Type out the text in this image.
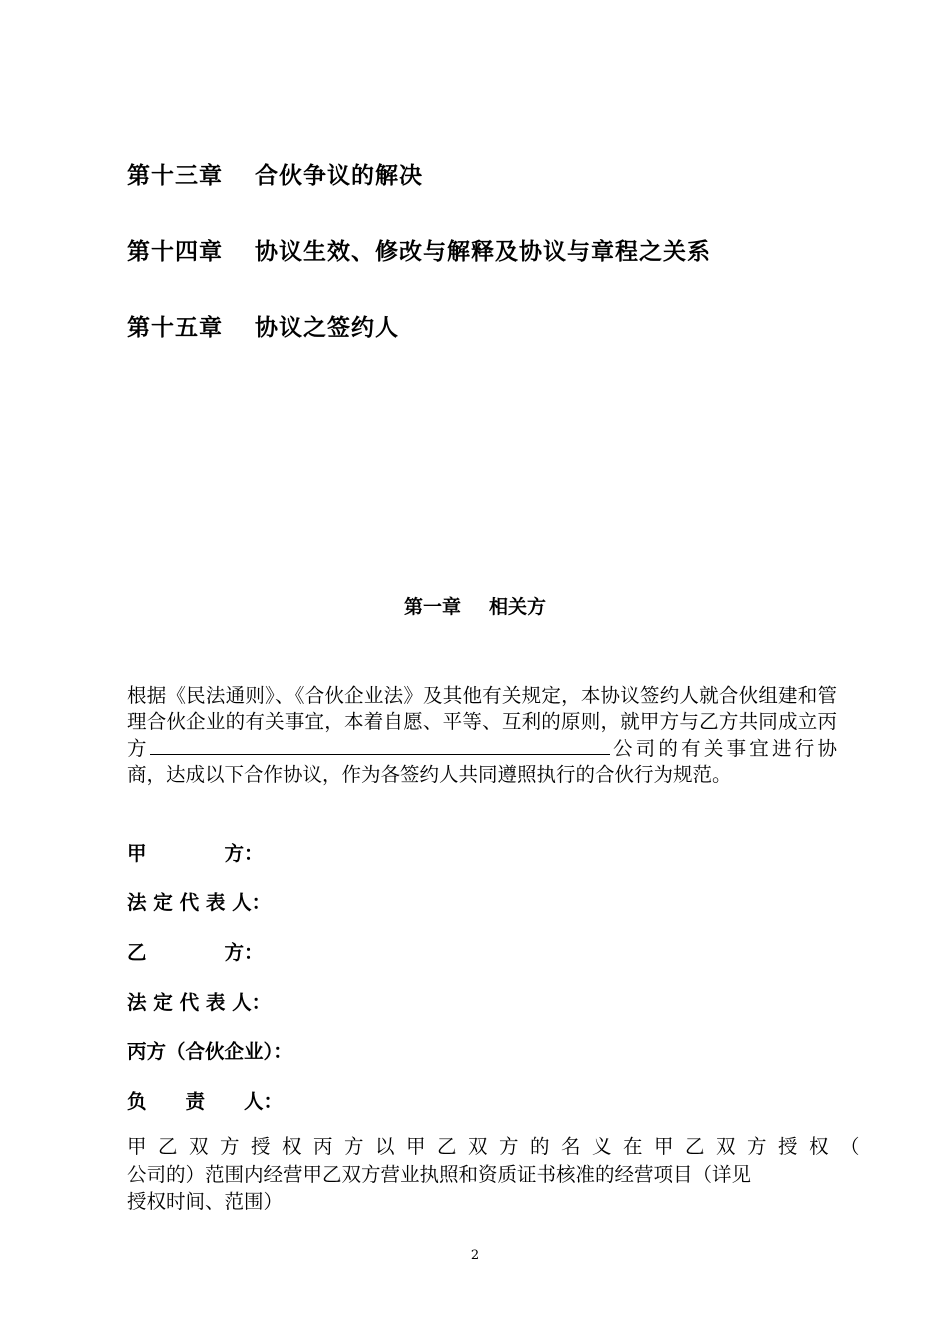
第十三章 合伙争议的解决
第十四章 协议生效、修改与解释及协议与章程之关系
第十五章 协议之签约人
第一章 相关方
根据《民法通则》、《合伙企业法》及其他有关规定，本协议签约人就合伙组建和管理合伙企业的有关事宜，本着自愿、平等、互利的原则，就甲方与乙方共同成立丙方	公司的有关事宜进行协商，达成以下合作协议，作为各签约人共同遵照执行的合伙行为规范。
甲　　　　方：
法 定 代 表 人：
乙　　　　方：
法 定 代 表 人：
丙方（合伙企业）：
负　　责　　人：
甲乙双方授权丙方以甲乙双方的名义在甲乙双方授权（
公司的）范围内经营甲乙双方营业执照和资质证书核准的经营项目（详见
授权时间、范围）
2
